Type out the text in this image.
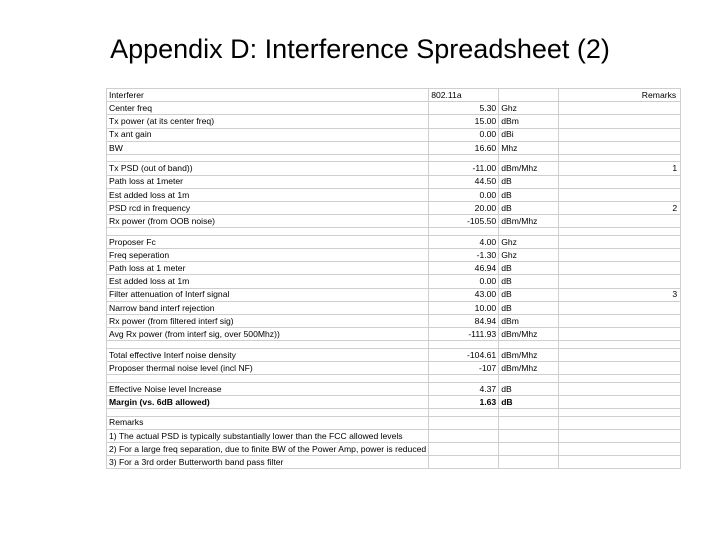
Appendix D: Interference Spreadsheet (2)
Interferer	802.11a		Remarks
Center freq	5.30	Ghz	
Tx power (at its center freq)	15.00	dBm	
Tx ant gain	0.00	dBi	
BW	16.60	Mhz	

Tx PSD (out of band))	-11.00	dBm/Mhz	1
Path loss at 1meter	44.50	dB	
Est added loss at 1m	0.00	dB	
PSD rcd in frequency	20.00	dB	2
Rx power (from OOB noise)	-105.50	dBm/Mhz	

Proposer Fc	4.00	Ghz	
Freq seperation	-1.30	Ghz	
Path loss at 1 meter	46.94	dB	
Est added loss at 1m	0.00	dB	
Filter attenuation of Interf signal	43.00	dB	3
Narrow band interf rejection	10.00	dB	
Rx power (from filtered interf sig)	84.94	dBm	
Avg Rx power (from interf sig, over 500Mhz))	-111.93	dBm/Mhz	

Total effective Interf noise density	-104.61	dBm/Mhz	
Proposer thermal noise level (incl NF)	-107	dBm/Mhz	

Effective Noise level Increase	4.37	dB	
Margin (vs. 6dB allowed)	1.63	dB	

Remarks			
1) The actual PSD is typically substantially lower than the FCC allowed levels			
2) For a large freq separation, due to finite BW of the Power Amp, power is reduced			
3) For a 3rd order Butterworth band pass filter			
